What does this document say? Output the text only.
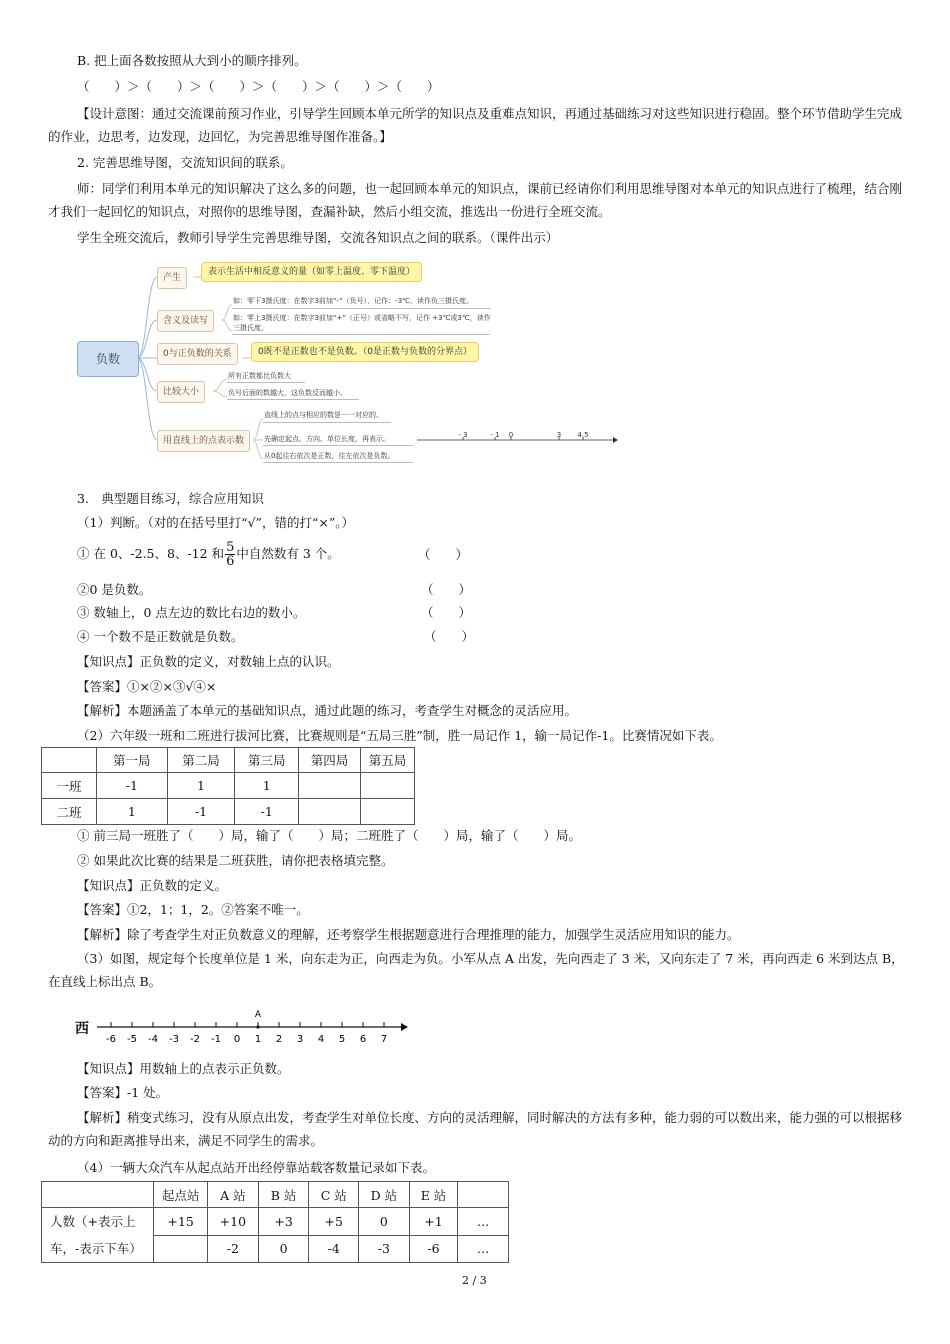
B. 把上面各数按照从大到小的顺序排列。
（　　）＞（　　）＞（　　）＞（　　）＞（　　）＞（　　）
【设计意图：通过交流课前预习作业，引导学生回顾本单元所学的知识点及重难点知识，再通过基础练习对这些知识进行稳固。整个环节借助学生完成的作业，边思考，边发现，边回忆，为完善思维导图作准备。】
2. 完善思维导图，交流知识间的联系。
师：同学们利用本单元的知识解决了这么多的问题，也一起回顾本单元的知识点，课前已经请你们利用思维导图对本单元的知识点进行了梳理，结合刚才我们一起回忆的知识点，对照你的思维导图，查漏补缺，然后小组交流，推选出一份进行全班交流。
学生全班交流后，教师引导学生完善思维导图，交流各知识点之间的联系。（课件出示）
- 3	- 1 0	3 4.5
负数
产生
表示生活中相反意义的量（如零上温度、零下温度）
含义及读写
如：零下3摄氏度：在数字3前加“-”（负号），记作：-3℃，读作负三摄氏度。
如：零上3摄氏度：在数字3前加“+”（正号）或省略不写，记作 +3℃或3℃，读作
三摄氏度。
0与正负数的关系	0既不是正数也不是负数。（0是正数与负数的分界点）
比较大小
所有正数都比负数大
负号后面的数越大，这负数反而越小。
用直线上的点表示数
直线上的点与相应的数是一一对应的。
先确定起点、方向、单位长度，再表示。
从0起往右依次是正数，往左依次是负数。
3.　典型题目练习，综合应用知识
（1）判断。（对的在括号里打“√”，错的打“×”。）
① 在 0、-2.5、8、-12 和 $\frac{5}{6}$ 中自然数有 3 个。	（　　）
②0 是负数。	（　　）
③ 数轴上，0 点左边的数比右边的数小。	（　　）
④ 一个数不是正数就是负数。	（　　）
【知识点】正负数的定义，对数轴上点的认识。
【答案】①×②×③√④×
【解析】本题涵盖了本单元的基础知识点，通过此题的练习，考查学生对概念的灵活应用。
（2）六年级一班和二班进行拔河比赛，比赛规则是“五局三胜”制，胜一局记作 1，输一局记作-1。比赛情况如下表。
	第一局	第二局	第三局	第四局	第五局
一班	-1	1	1		
二班	1	-1	-1		
① 前三局一班胜了（　　）局，输了（　　）局；二班胜了（　　）局，输了（　　）局。
② 如果此次比赛的结果是二班获胜，请你把表格填完整。
【知识点】正负数的定义。
【答案】①2，1；1，2。②答案不唯一。
【解析】除了考查学生对正负数意义的理解，还考察学生根据题意进行合理推理的能力，加强学生灵活应用知识的能力。
（3）如图，规定每个长度单位是 1 米，向东走为正，向西走为负。小军从点 A 出发，先向西走了 3 米，又向东走了 7 米，再向西走 6 米到达点 B，在直线上标出点 B。
西
-6 -5 -4 -3 -2 -1 0 1 2 3 4 5 6 7
A
【知识点】用数轴上的点表示正负数。
【答案】-1 处。
【解析】稍变式练习，没有从原点出发，考查学生对单位长度、方向的灵活理解，同时解决的方法有多种，能力弱的可以数出来，能力强的可以根据移动的方向和距离推导出来，满足不同学生的需求。
（4）一辆大众汽车从起点站开出经停靠站载客数量记录如下表。
	起点站	A 站	B 站	C 站	D 站	E 站	
人数（+表示上车，-表示下车）	+15	+10	+3	+5	0	+1	…
		-2	0	-4	-3	-6	…
2 / 3
